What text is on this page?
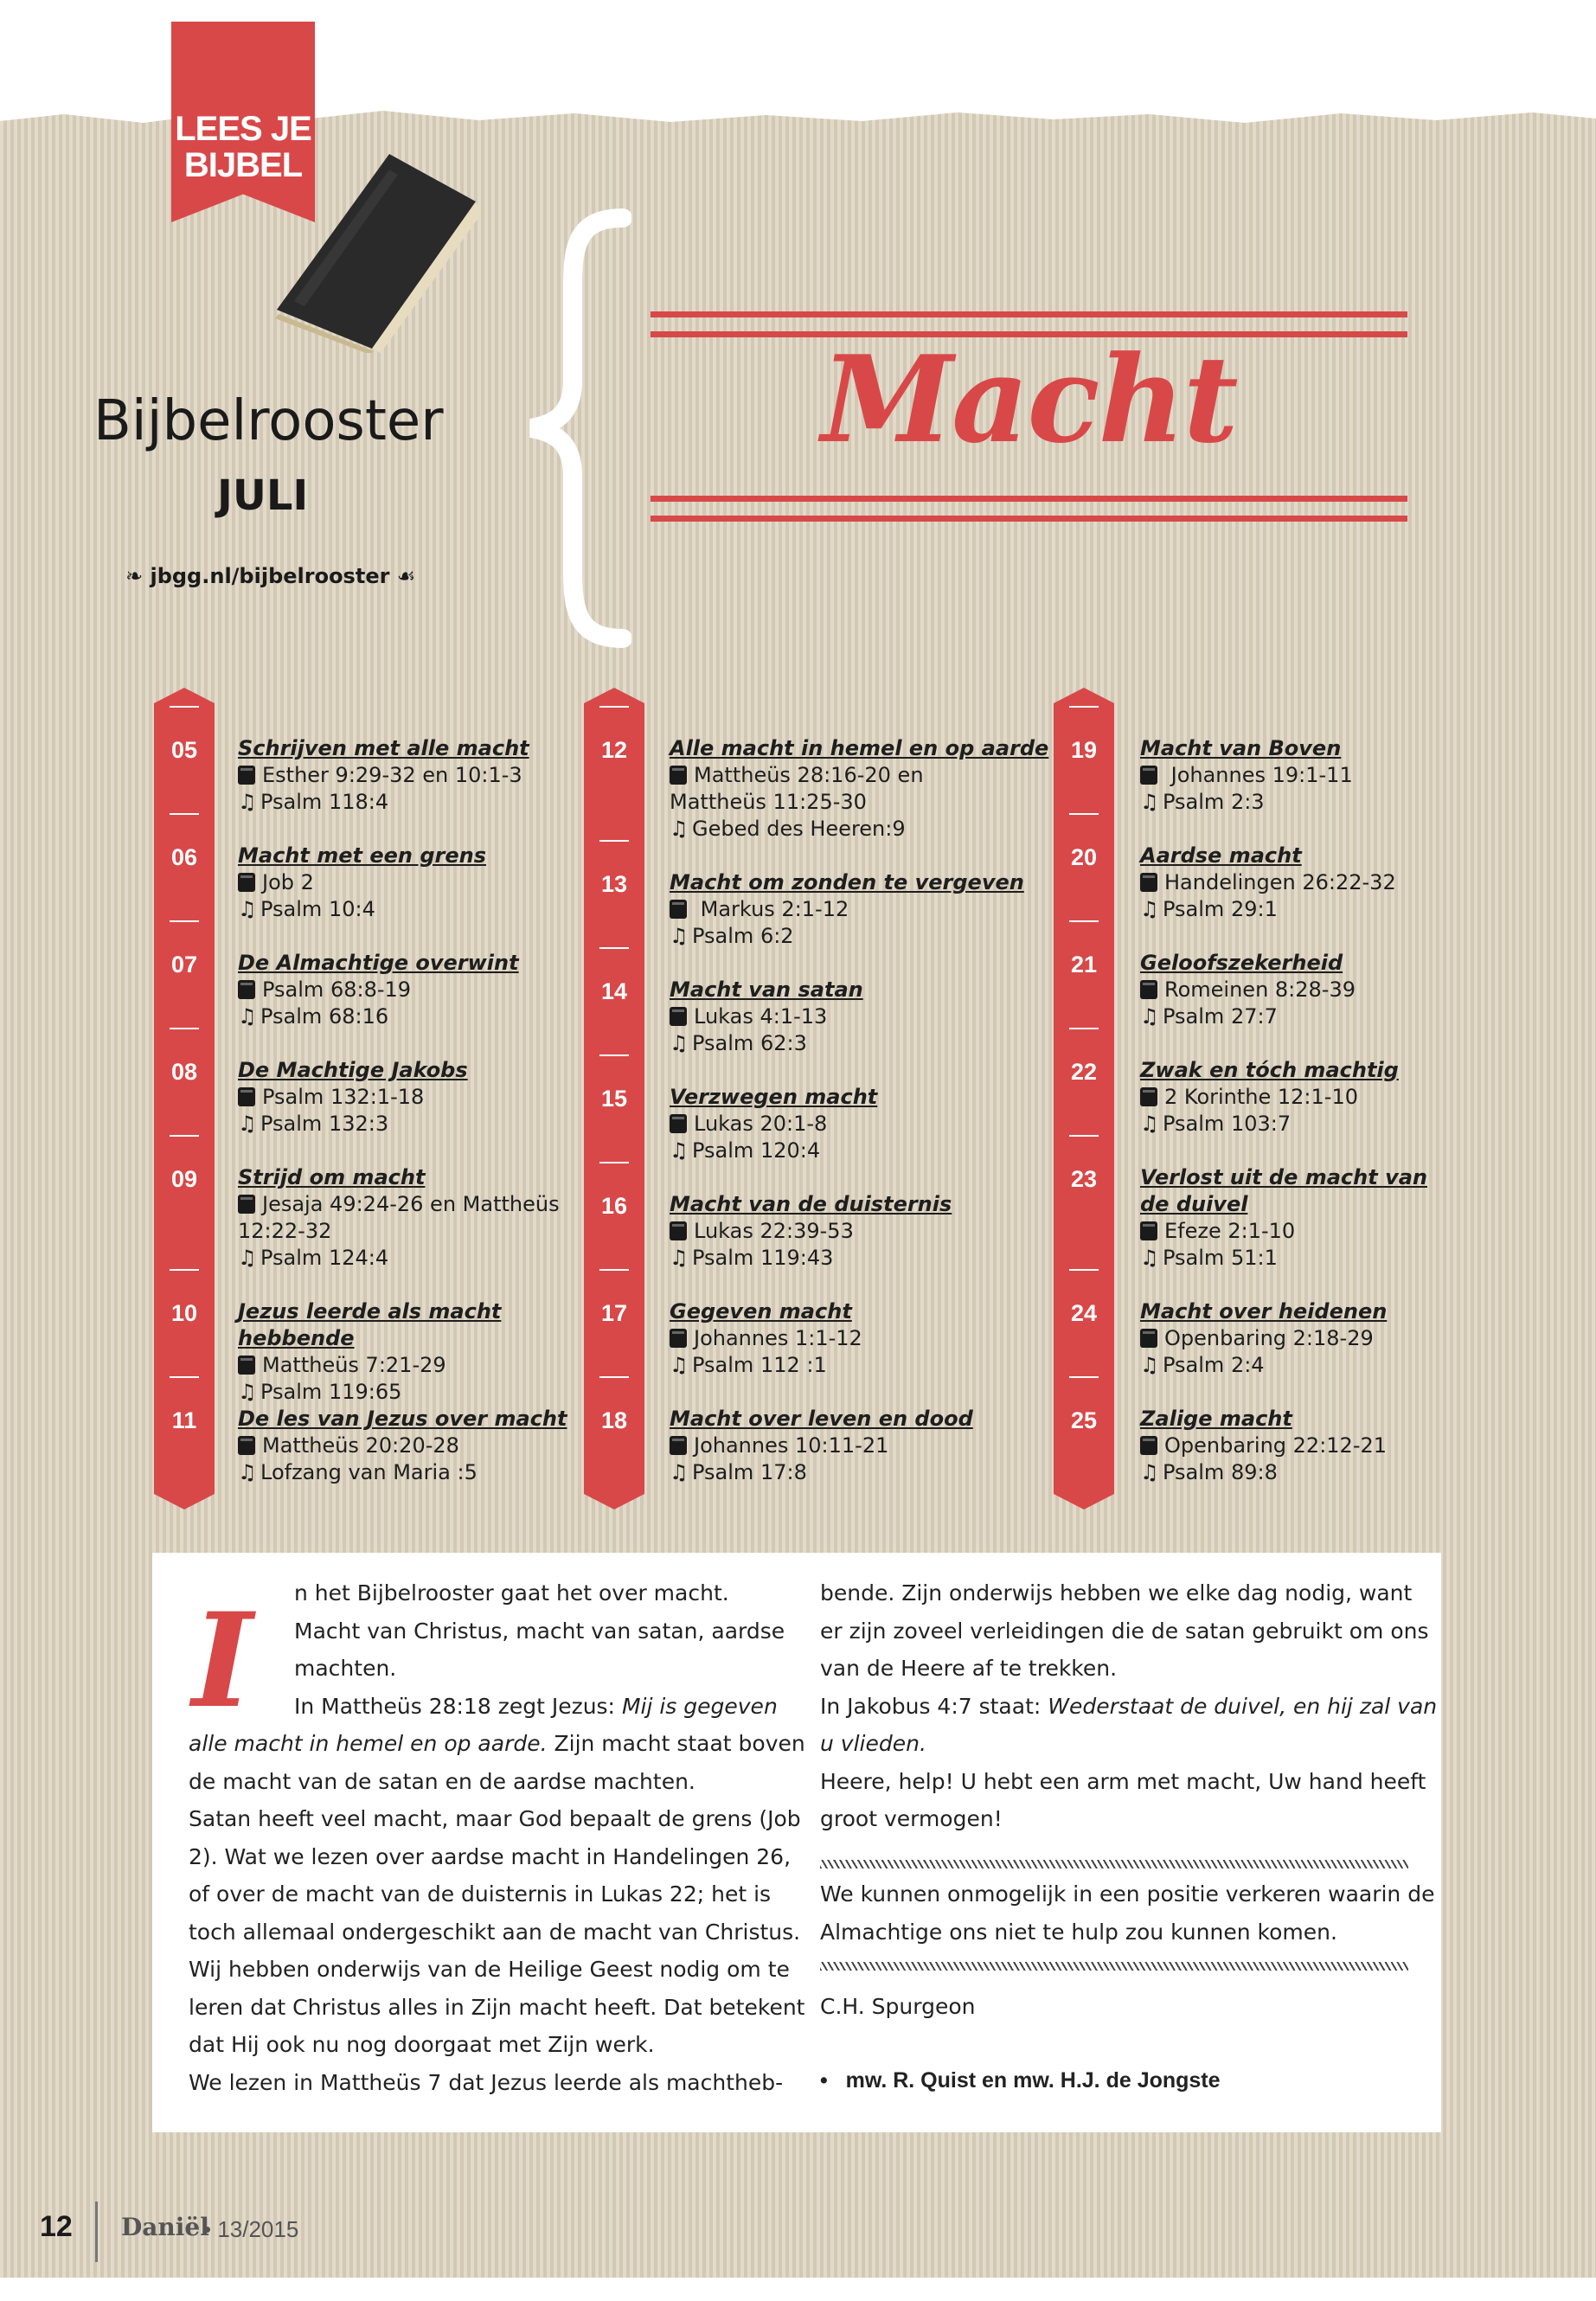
LEES JE
BIJBEL
Bijbelrooster
JULI
❧ jbgg.nl/bijbelrooster ☙
Macht
05	Schrijven met alle macht
Esther 9:29-32 en 10:1-3
♫ Psalm 118:4
06	Macht met een grens
Job 2
♫ Psalm 10:4
07	De Almachtige overwint
Psalm 68:8-19
♫ Psalm 68:16
08	De Machtige Jakobs
Psalm 132:1-18
♫ Psalm 132:3
09	Strijd om macht
Jesaja 49:24-26 en Mattheüs
12:22-32
♫ Psalm 124:4
10	Jezus leerde als macht hebbende
Mattheüs 7:21-29
♫ Psalm 119:65
11	De les van Jezus over macht
Mattheüs 20:20-28
♫ Lofzang van Maria :5
12	Alle macht in hemel en op aarde
Mattheüs 28:16-20 en
Mattheüs 11:25-30
♫ Gebed des Heeren:9
13	Macht om zonden te vergeven
Markus 2:1-12
♫ Psalm 6:2
14	Macht van satan
Lukas 4:1-13
♫ Psalm 62:3
15	Verzwegen macht
Lukas 20:1-8
♫ Psalm 120:4
16	Macht van de duisternis
Lukas 22:39-53
♫ Psalm 119:43
17	Gegeven macht
Johannes 1:1-12
♫ Psalm 112 :1
18	Macht over leven en dood
Johannes 10:11-21
♫ Psalm 17:8
19	Macht van Boven
Johannes 19:1-11
♫ Psalm 2:3
20	Aardse macht
Handelingen 26:22-32
♫ Psalm 29:1
21	Geloofszekerheid
Romeinen 8:28-39
♫ Psalm 27:7
22	Zwak en tóch machtig
2 Korinthe 12:1-10
♫ Psalm 103:7
23	Verlost uit de macht van
de duivel
Efeze 2:1-10
♫ Psalm 51:1
24	Macht over heidenen
Openbaring 2:18-29
♫ Psalm 2:4
25	Zalige macht
Openbaring 22:12-21
♫ Psalm 89:8
I n het Bijbelrooster gaat het over macht.
Macht van Christus, macht van satan, aardse
machten.
In Mattheüs 28:18 zegt Jezus: Mij is gegeven
alle macht in hemel en op aarde. Zijn macht staat boven
de macht van de satan en de aardse machten.
Satan heeft veel macht, maar God bepaalt de grens (Job
2). Wat we lezen over aardse macht in Handelingen 26,
of over de macht van de duisternis in Lukas 22; het is
toch allemaal ondergeschikt aan de macht van Christus.
Wij hebben onderwijs van de Heilige Geest nodig om te
leren dat Christus alles in Zijn macht heeft. Dat betekent
dat Hij ook nu nog doorgaat met Zijn werk.
We lezen in Mattheüs 7 dat Jezus leerde als machtheb-
bende. Zijn onderwijs hebben we elke dag nodig, want
er zijn zoveel verleidingen die de satan gebruikt om ons
van de Heere af te trekken.
In Jakobus 4:7 staat: Wederstaat de duivel, en hij zal van
u vlieden.
Heere, help! U hebt een arm met macht, Uw hand heeft
groot vermogen!
We kunnen onmogelijk in een positie verkeren waarin de
Almachtige ons niet te hulp zou kunnen komen.
C.H. Spurgeon
•   mw. R. Quist en mw. H.J. de Jongste
12 Daniël
• 13/2015
